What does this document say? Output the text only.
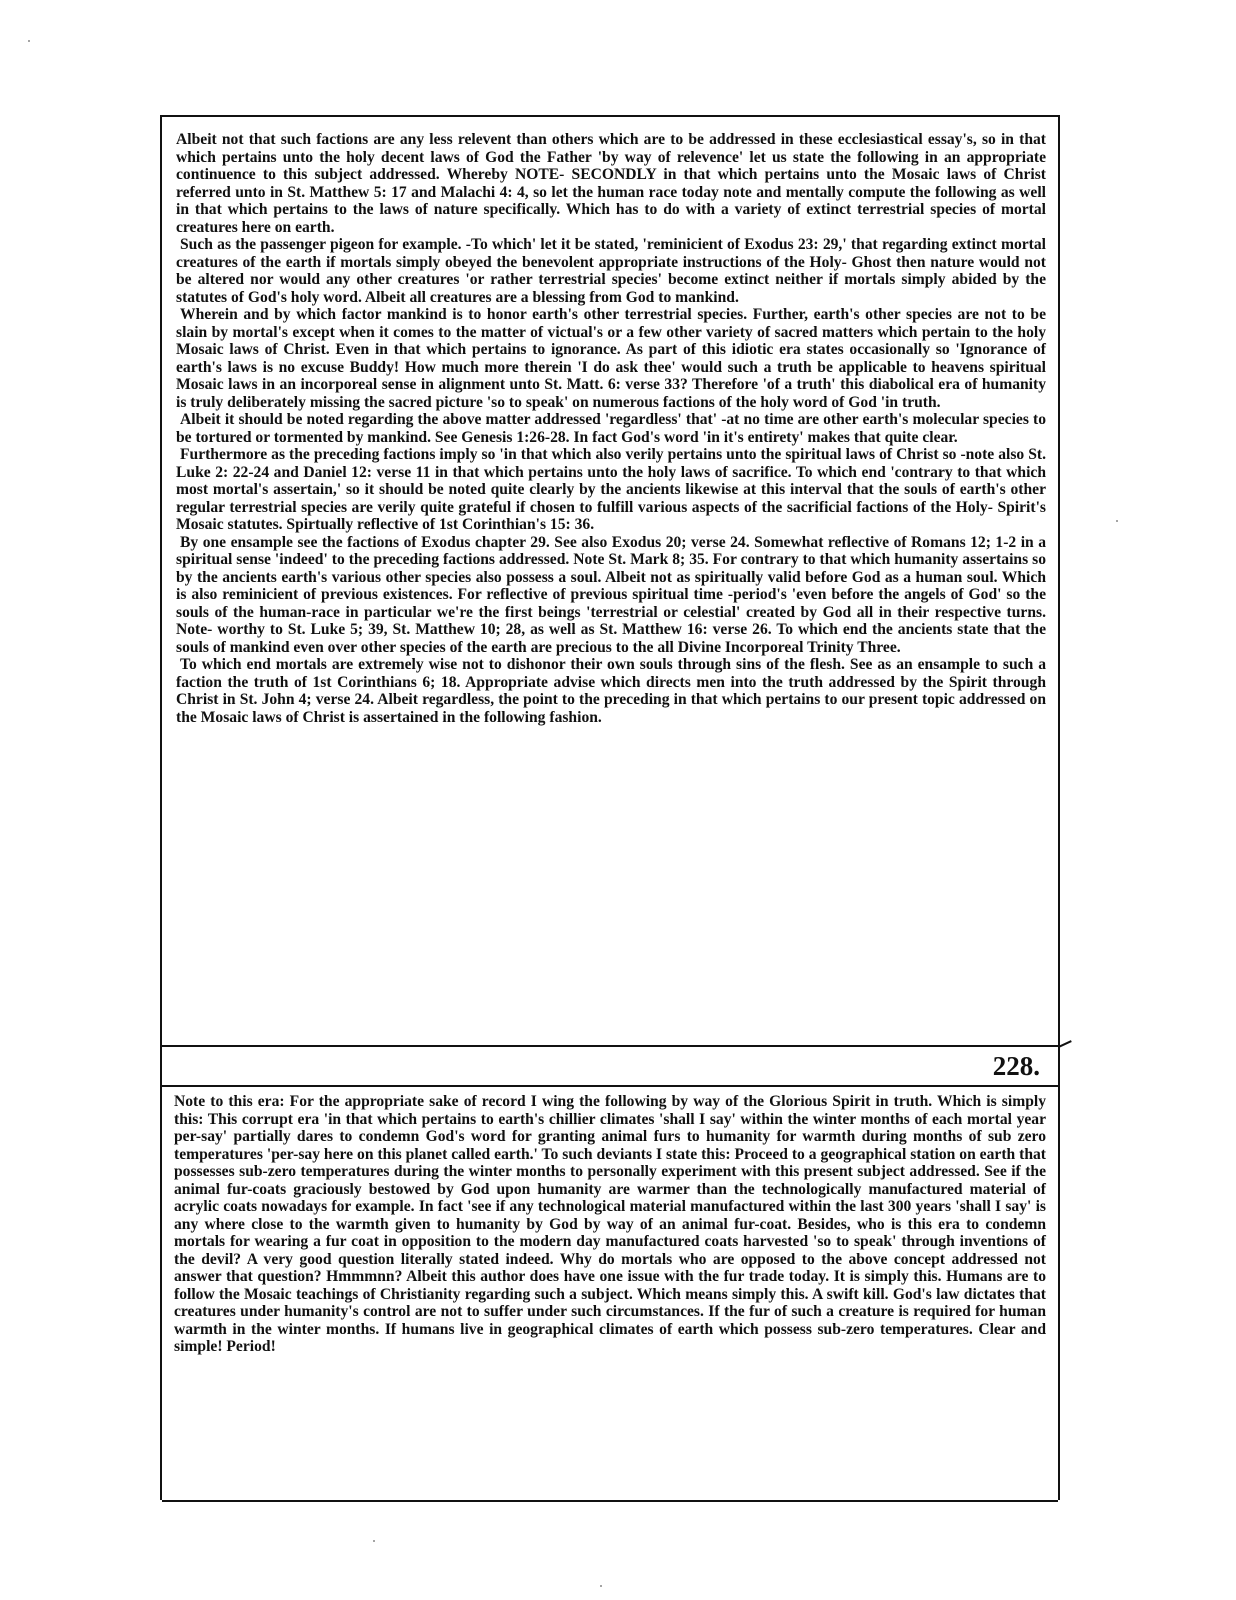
Albeit not that such factions are any less relevent than others which are to be addressed in these ecclesiastical essay's, so in that which pertains unto the holy decent laws of God the Father 'by way of relevence' let us state the following in an appropriate continuence to this subject addressed. Whereby NOTE- SECONDLY in that which pertains unto the Mosaic laws of Christ referred unto in St. Matthew 5: 17 and Malachi 4: 4, so let the human race today note and mentally compute the following as well in that which pertains to the laws of nature specifically. Which has to do with a variety of extinct terrestrial species of mortal creatures here on earth.

Such as the passenger pigeon for example. -To which' let it be stated, 'reminicient of Exodus 23: 29,' that regarding extinct mortal creatures of the earth if mortals simply obeyed the benevolent appropriate instructions of the Holy- Ghost then nature would not be altered nor would any other creatures 'or rather terrestrial species' become extinct neither if mortals simply abided by the statutes of God's holy word. Albeit all creatures are a blessing from God to mankind.

Wherein and by which factor mankind is to honor earth's other terrestrial species. Further, earth's other species are not to be slain by mortal's except when it comes to the matter of victual's or a few other variety of sacred matters which pertain to the holy Mosaic laws of Christ. Even in that which pertains to ignorance. As part of this idiotic era states occasionally so 'Ignorance of earth's laws is no excuse Buddy! How much more therein 'I do ask thee' would such a truth be applicable to heavens spiritual Mosaic laws in an incorporeal sense in alignment unto St. Matt. 6: verse 33? Therefore 'of a truth' this diabolical era of humanity is truly deliberately missing the sacred picture 'so to speak' on numerous factions of the holy word of God 'in truth.

Albeit it should be noted regarding the above matter addressed 'regardless' that' -at no time are other earth's molecular species to be tortured or tormented by mankind. See Genesis 1:26-28. In fact God's word 'in it's entirety' makes that quite clear.

Furthermore as the preceding factions imply so 'in that which also verily pertains unto the spiritual laws of Christ so -note also St. Luke 2: 22-24 and Daniel 12: verse 11 in that which pertains unto the holy laws of sacrifice. To which end 'contrary to that which most mortal's assertain,' so it should be noted quite clearly by the ancients likewise at this interval that the souls of earth's other regular terrestrial species are verily quite grateful if chosen to fulfill various aspects of the sacrificial factions of the Holy- Spirit's Mosaic statutes. Spirtually reflective of 1st Corinthian's 15: 36.

By one ensample see the factions of Exodus chapter 29. See also Exodus 20; verse 24. Somewhat reflective of Romans 12; 1-2 in a spiritual sense 'indeed' to the preceding factions addressed. Note St. Mark 8; 35. For contrary to that which humanity assertains so by the ancients earth's various other species also possess a soul. Albeit not as spiritually valid before God as a human soul. Which is also reminicient of previous existences. For reflective of previous spiritual time -period's 'even before the angels of God' so the souls of the human-race in particular we're the first beings 'terrestrial or celestial' created by God all in their respective turns. Note- worthy to St. Luke 5; 39, St. Matthew 10; 28, as well as St. Matthew 16: verse 26. To which end the ancients state that the souls of mankind even over other species of the earth are precious to the all Divine Incorporeal Trinity Three.

To which end mortals are extremely wise not to dishonor their own souls through sins of the flesh. See as an ensample to such a faction the truth of 1st Corinthians 6; 18. Appropriate advise which directs men into the truth addressed by the Spirit through Christ in St. John 4; verse 24. Albeit regardless, the point to the preceding in that which pertains to our present topic addressed on the Mosaic laws of Christ is assertained in the following fashion.

228.

Note to this era: For the appropriate sake of record I wing the following by way of the Glorious Spirit in truth. Which is simply this: This corrupt era 'in that which pertains to earth's chillier climates 'shall I say' within the winter months of each mortal year per-say' partially dares to condemn God's word for granting animal furs to humanity for warmth during months of sub zero temperatures 'per-say here on this planet called earth.' To such deviants I state this: Proceed to a geographical station on earth that possesses sub-zero temperatures during the winter months to personally experiment with this present subject addressed. See if the animal fur-coats graciously bestowed by God upon humanity are warmer than the technologically manufactured material of acrylic coats nowadays for example. In fact 'see if any technological material manufactured within the last 300 years 'shall I say' is any where close to the warmth given to humanity by God by way of an animal fur-coat. Besides, who is this era to condemn mortals for wearing a fur coat in opposition to the modern day manufactured coats harvested 'so to speak' through inventions of the devil? A very good question literally stated indeed. Why do mortals who are opposed to the above concept addressed not answer that question? Hmmmnn? Albeit this author does have one issue with the fur trade today. It is simply this. Humans are to follow the Mosaic teachings of Christianity regarding such a subject. Which means simply this. A swift kill. God's law dictates that creatures under humanity's control are not to suffer under such circumstances. If the fur of such a creature is required for human warmth in the winter months. If humans live in geographical climates of earth which possess sub-zero temperatures. Clear and simple! Period!
